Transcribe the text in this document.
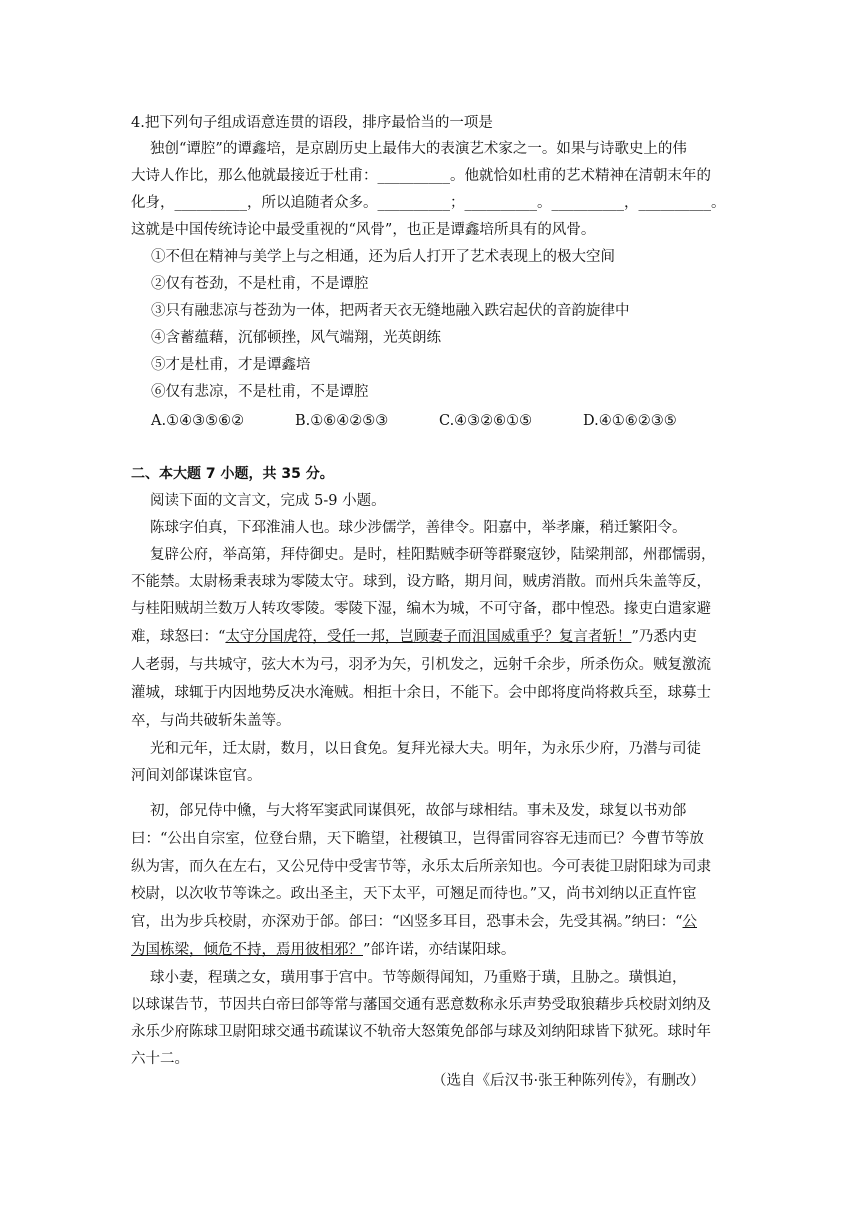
4.把下列句子组成语意连贯的语段，排序最恰当的一项是
独创“谭腔”的谭鑫培，是京剧历史上最伟大的表演艺术家之一。如果与诗歌史上的伟
大诗人作比，那么他就最接近于杜甫：__________。他就恰如杜甫的艺术精神在清朝末年的
化身，__________，所以追随者众多。__________；__________。__________，__________。
这就是中国传统诗论中最受重视的“风骨”，也正是谭鑫培所具有的风骨。
①不但在精神与美学上与之相通，还为后人打开了艺术表现上的极大空间
②仅有苍劲，不是杜甫，不是谭腔
③只有融悲凉与苍劲为一体，把两者天衣无缝地融入跌宕起伏的音韵旋律中
④含蓄蕴藉，沉郁顿挫，风气端翔，光英朗练
⑤才是杜甫，才是谭鑫培
⑥仅有悲凉，不是杜甫，不是谭腔
A.①④③⑤⑥②	B.①⑥④②⑤③	C.④③②⑥①⑤	D.④①⑥②③⑤
二、本大题 7 小题，共 35 分。
阅读下面的文言文，完成 5-9 小题。
陈球字伯真，下邳淮浦人也。球少涉儒学，善律令。阳嘉中，举孝廉，稍迁繁阳令。
复辟公府，举高第，拜侍御史。是时，桂阳黠贼李研等群聚寇钞，陆梁荆部，州郡懦弱，
不能禁。太尉杨秉表球为零陵太守。球到，设方略，期月间，贼虏消散。而州兵朱盖等反，
与桂阳贼胡兰数万人转攻零陵。零陵下湿，编木为城，不可守备，郡中惶恐。掾吏白遣家避
难，球怒曰：“太守分国虎符，受任一邦，岂顾妻子而沮国威重乎？复言者斩！”乃悉内吏
人老弱，与共城守，弦大木为弓，羽矛为矢，引机发之，远射千余步，所杀伤众。贼复激流
灌城，球辄于内因地势反决水淹贼。相拒十余日，不能下。会中郎将度尚将救兵至，球募士
卒，与尚共破斩朱盖等。
光和元年，迁太尉，数月，以日食免。复拜光禄大夫。明年，为永乐少府，乃潜与司徒
河间刘郃谋诛宦官。
初，郃兄侍中儵，与大将军窦武同谋俱死，故郃与球相结。事未及发，球复以书劝郃
曰：“公出自宗室，位登台鼎，天下瞻望，社稷镇卫，岂得雷同容容无违而已？今曹节等放
纵为害，而久在左右，又公兄侍中受害节等，永乐太后所亲知也。今可表徙卫尉阳球为司隶
校尉，以次收节等诛之。政出圣主，天下太平，可翘足而待也。”又，尚书刘纳以正直忤宦
官，出为步兵校尉，亦深劝于郃。郃曰：“凶竖多耳目，恐事未会，先受其祸。”纳曰：“公
为国栋梁，倾危不持，焉用彼相邪？”郃许诺，亦结谋阳球。
球小妻，程璜之女，璜用事于宫中。节等颇得闻知，乃重赂于璜，且胁之。璜惧迫，
以球谋告节，节因共白帝曰郃等常与藩国交通有恶意数称永乐声势受取狼藉步兵校尉刘纳及
永乐少府陈球卫尉阳球交通书疏谋议不轨帝大怒策免郃郃与球及刘纳阳球皆下狱死。球时年
六十二。
（选自《后汉书·张王种陈列传》，有删改）
